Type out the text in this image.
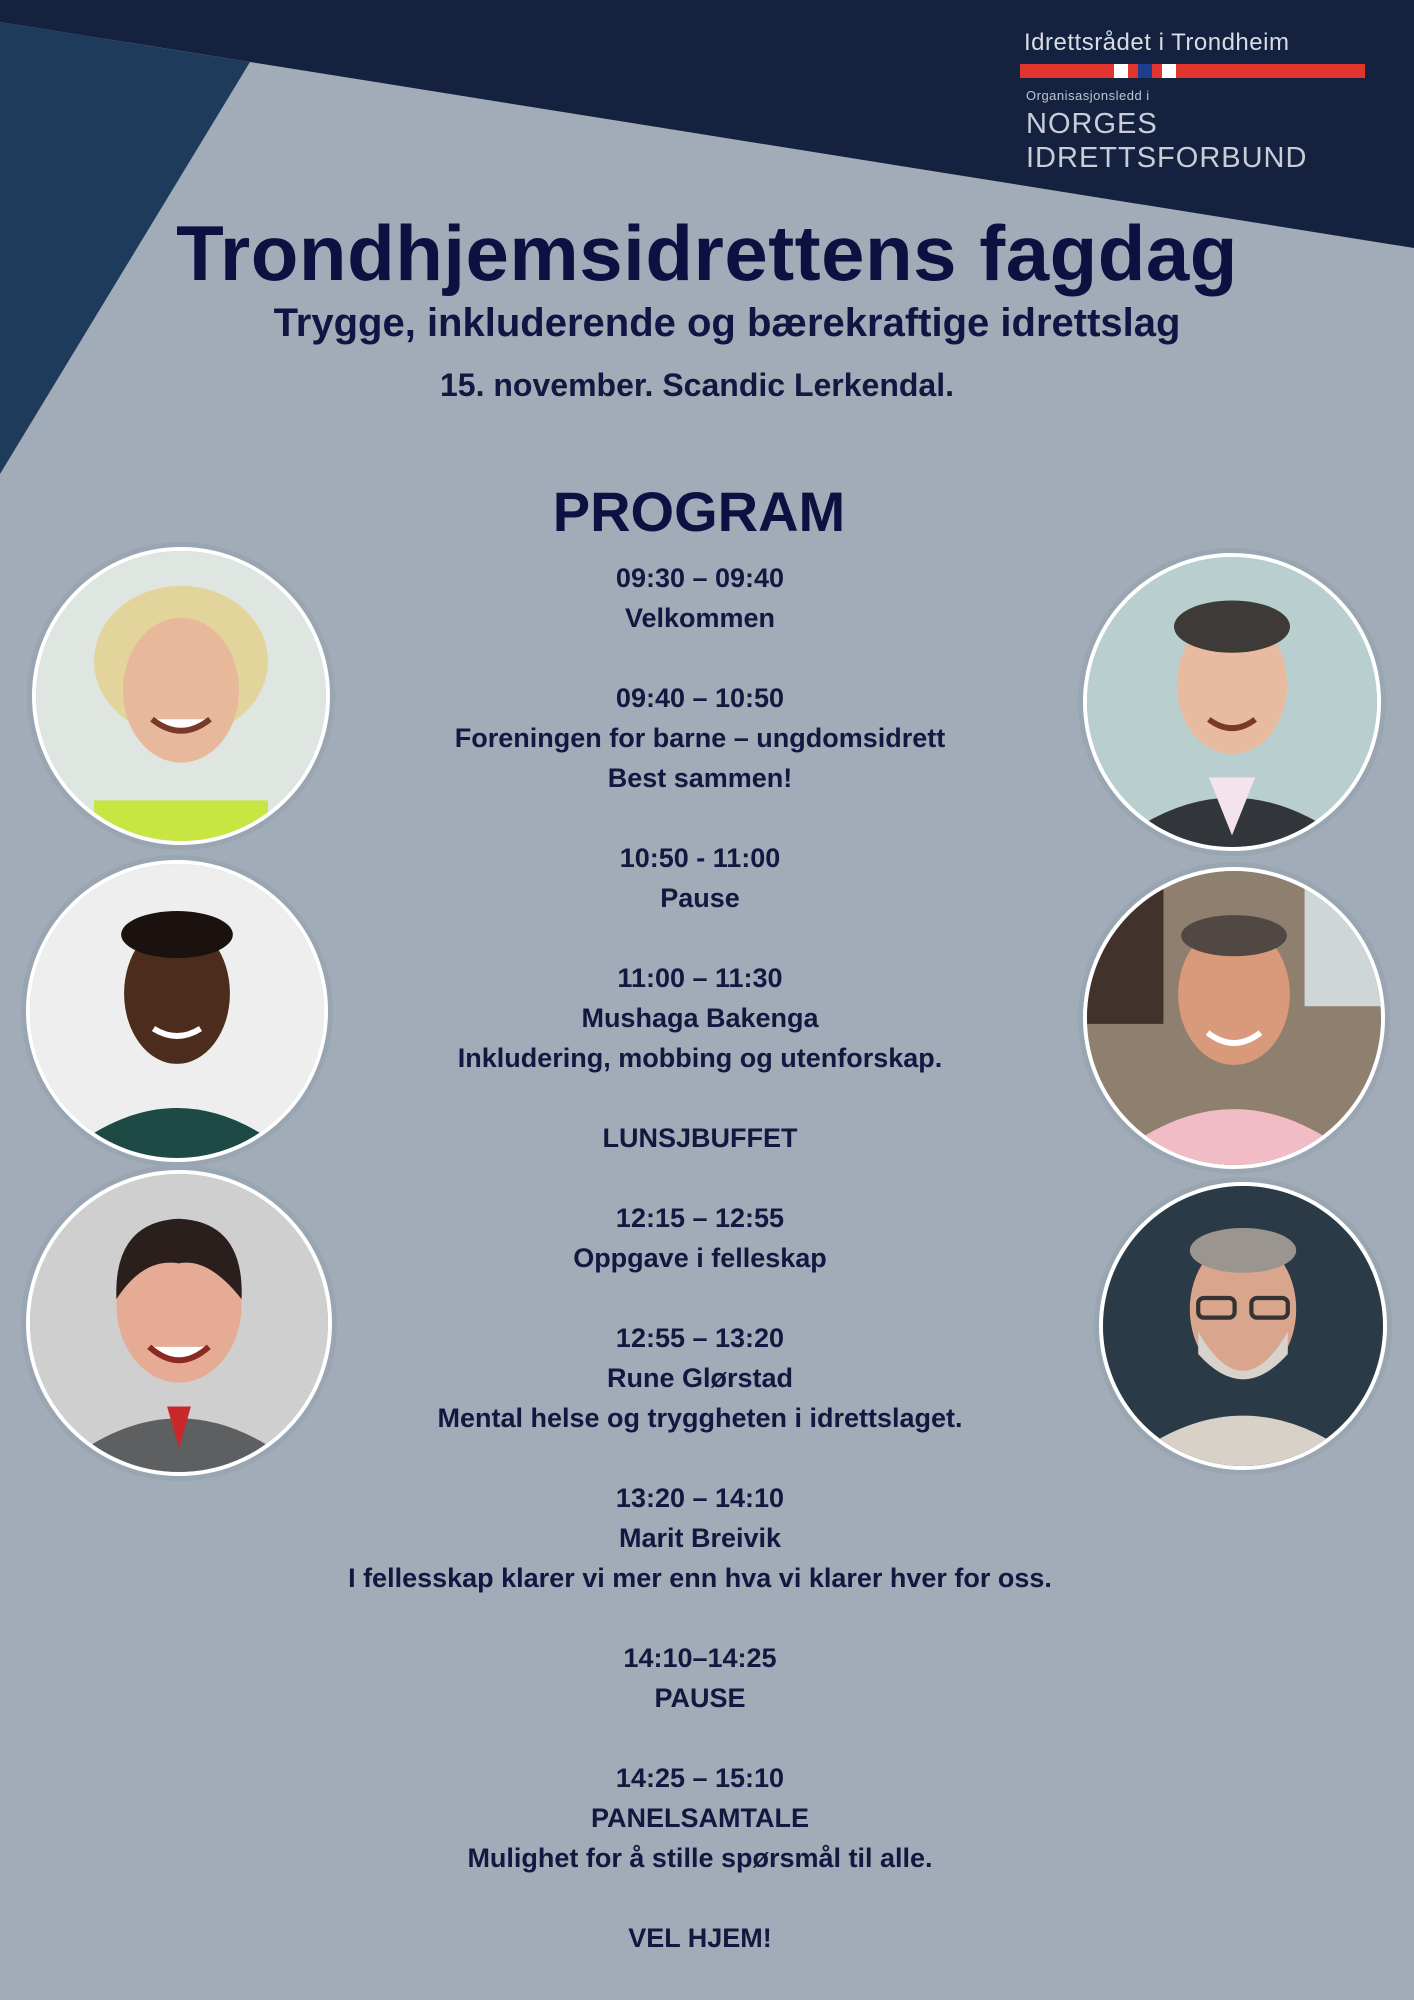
Idrettsrådet i Trondheim
Organisasjonsledd i
NORGES
IDRETTSFORBUND
Trondhjemsidrettens fagdag
Trygge, inkluderende og bærekraftige idrettslag
15. november. Scandic Lerkendal.
PROGRAM
09:30 – 09:40
Velkommen
09:40 – 10:50
Foreningen for barne – ungdomsidrett
Best sammen!
10:50 - 11:00
Pause
11:00 – 11:30
Mushaga Bakenga
Inkludering, mobbing og utenforskap.
LUNSJBUFFET
12:15 – 12:55
Oppgave i felleskap
12:55 – 13:20
Rune Glørstad
Mental helse og tryggheten i idrettslaget.
13:20 – 14:10
Marit Breivik
I fellesskap klarer vi mer enn hva vi klarer hver for oss.
14:10–14:25
PAUSE
14:25 – 15:10
PANELSAMTALE
Mulighet for å stille spørsmål til alle.
VEL HJEM!
